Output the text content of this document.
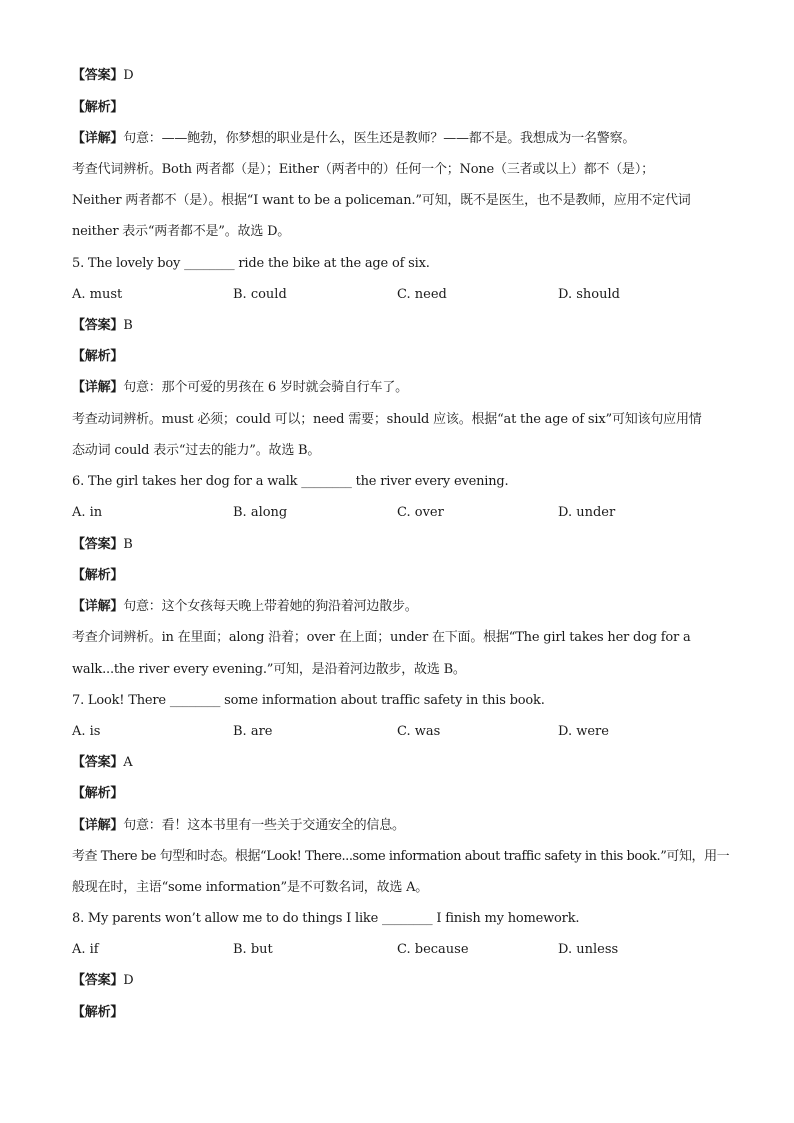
【答案】D
【解析】
【详解】句意：——鲍勃，你梦想的职业是什么，医生还是教师？——都不是。我想成为一名警察。
考查代词辨析。Both 两者都（是）；Either（两者中的）任何一个；None（三者或以上）都不（是）；
Neither 两者都不（是）。根据“I want to be a policeman.”可知，既不是医生，也不是教师，应用不定代词
neither 表示“两者都不是”。故选 D。
5. The lovely boy ________ ride the bike at the age of six.
A. must	B. could	C. need	D. should
【答案】B
【解析】
【详解】句意：那个可爱的男孩在 6 岁时就会骑自行车了。
考查动词辨析。must 必须；could 可以；need 需要；should 应该。根据“at the age of six”可知该句应用情
态动词 could 表示“过去的能力”。故选 B。
6. The girl takes her dog for a walk ________ the river every evening.
A. in	B. along	C. over	D. under
【答案】B
【解析】
【详解】句意：这个女孩每天晚上带着她的狗沿着河边散步。
考查介词辨析。in 在里面；along 沿着；over 在上面；under 在下面。根据“The girl takes her dog for a
walk...the river every evening.”可知，是沿着河边散步，故选 B。
7. Look! There ________ some information about traffic safety in this book.
A. is	B. are	C. was	D. were
【答案】A
【解析】
【详解】句意：看！这本书里有一些关于交通安全的信息。
考查 There be 句型和时态。根据“Look! There...some information about traffic safety in this book.”可知，用一
般现在时，主语“some information”是不可数名词，故选 A。
8. My parents won’t allow me to do things I like ________ I finish my homework.
A. if	B. but	C. because	D. unless
【答案】D
【解析】
